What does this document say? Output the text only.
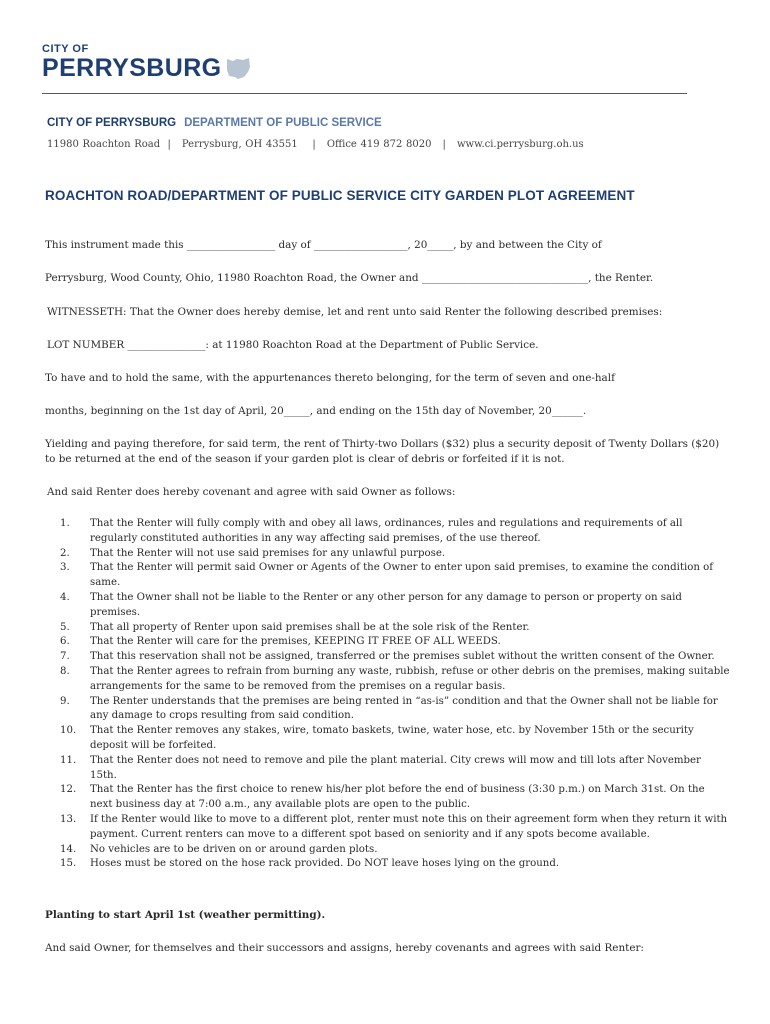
CITY OF
PERRYSBURG
CITY OF PERRYSBURG DEPARTMENT OF PUBLIC SERVICE
11980 Roachton Road  |   Perrysburg, OH 43551    |   Office 419 872 8020   |   www.ci.perrysburg.oh.us
ROACHTON ROAD/DEPARTMENT OF PUBLIC SERVICE CITY GARDEN PLOT AGREEMENT
This instrument made this _________________ day of __________________, 20_____, by and between the City of
Perrysburg, Wood County, Ohio, 11980 Roachton Road, the Owner and ________________________________, the Renter.
WITNESSETH: That the Owner does hereby demise, let and rent unto said Renter the following described premises:
LOT NUMBER _______________: at 11980 Roachton Road at the Department of Public Service.
To have and to hold the same, with the appurtenances thereto belonging, for the term of seven and one-half
months, beginning on the 1st day of April, 20_____, and ending on the 15th day of November, 20______.
Yielding and paying therefore, for said term, the rent of Thirty-two Dollars ($32) plus a security deposit of Twenty Dollars ($20) to be returned at the end of the season if your garden plot is clear of debris or forfeited if it is not.
And said Renter does hereby covenant and agree with said Owner as follows:
1.	That the Renter will fully comply with and obey all laws, ordinances, rules and regulations and requirements of all regularly constituted authorities in any way affecting said premises, of the use thereof.
2.	That the Renter will not use said premises for any unlawful purpose.
3.	That the Renter will permit said Owner or Agents of the Owner to enter upon said premises, to examine the condition of same.
4.	That the Owner shall not be liable to the Renter or any other person for any damage to person or property on said premises.
5.	That all property of Renter upon said premises shall be at the sole risk of the Renter.
6.	That the Renter will care for the premises, KEEPING IT FREE OF ALL WEEDS.
7.	That this reservation shall not be assigned, transferred or the premises sublet without the written consent of the Owner.
8.	That the Renter agrees to refrain from burning any waste, rubbish, refuse or other debris on the premises, making suitable arrangements for the same to be removed from the premises on a regular basis.
9.	The Renter understands that the premises are being rented in “as-is” condition and that the Owner shall not be liable for any damage to crops resulting from said condition.
10.	That the Renter removes any stakes, wire, tomato baskets, twine, water hose, etc. by November 15th or the security deposit will be forfeited.
11.	That the Renter does not need to remove and pile the plant material. City crews will mow and till lots after November 15th.
12.	That the Renter has the first choice to renew his/her plot before the end of business (3:30 p.m.) on March 31st. On the next business day at 7:00 a.m., any available plots are open to the public.
13.	If the Renter would like to move to a different plot, renter must note this on their agreement form when they return it with payment. Current renters can move to a different spot based on seniority and if any spots become available.
14.	No vehicles are to be driven on or around garden plots.
15.	Hoses must be stored on the hose rack provided. Do NOT leave hoses lying on the ground.
Planting to start April 1st (weather permitting).
And said Owner, for themselves and their successors and assigns, hereby covenants and agrees with said Renter:
